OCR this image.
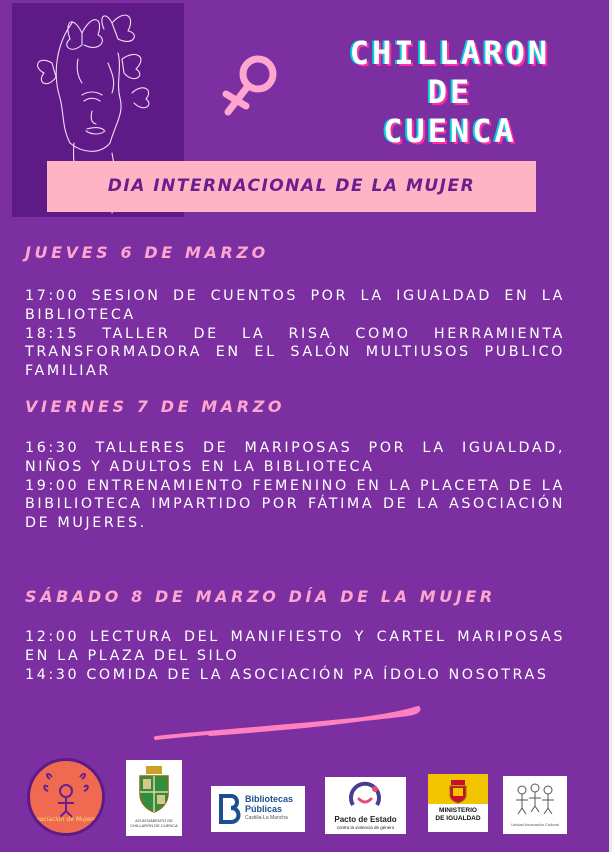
CHILLARON
DE
CUENCA
DIA INTERNACIONAL DE LA MUJER
JUEVES 6 DE MARZO
17:00 SESION DE CUENTOS POR LA IGUALDAD EN LA BIBLIOTECA
18:15 TALLER DE LA RISA COMO HERRAMIENTA TRANSFORMADORA EN EL SALÓN MULTIUSOS PUBLICO FAMILIAR
VIERNES 7 DE MARZO
16:30 TALLERES DE MARIPOSAS POR LA IGUALDAD, NIÑOS Y ADULTOS EN LA BIBLIOTECA
19:00 ENTRENAMIENTO FEMENINO EN LA PLACETA DE LA BIBILIOTECA IMPARTIDO POR FÁTIMA DE LA ASOCIACIÓN DE MUJERES.
SÁBADO 8 DE MARZO DÍA DE LA MUJER
12:00 LECTURA DEL MANIFIESTO Y CARTEL MARIPOSAS EN LA PLAZA DEL SILO
14:30 COMIDA DE LA ASOCIACIÓN PA ÍDOLO NOSOTRAS
Asociación de Mujeres	AYUNTAMIENTO DE
CHILLARÓN DE CUENCA
Bibliotecas
Públicas
Castilla-La Mancha	Pacto de Estado
contra la violencia de género
MINISTERIO
DE IGUALDAD
Unidad Asociación Cultural
